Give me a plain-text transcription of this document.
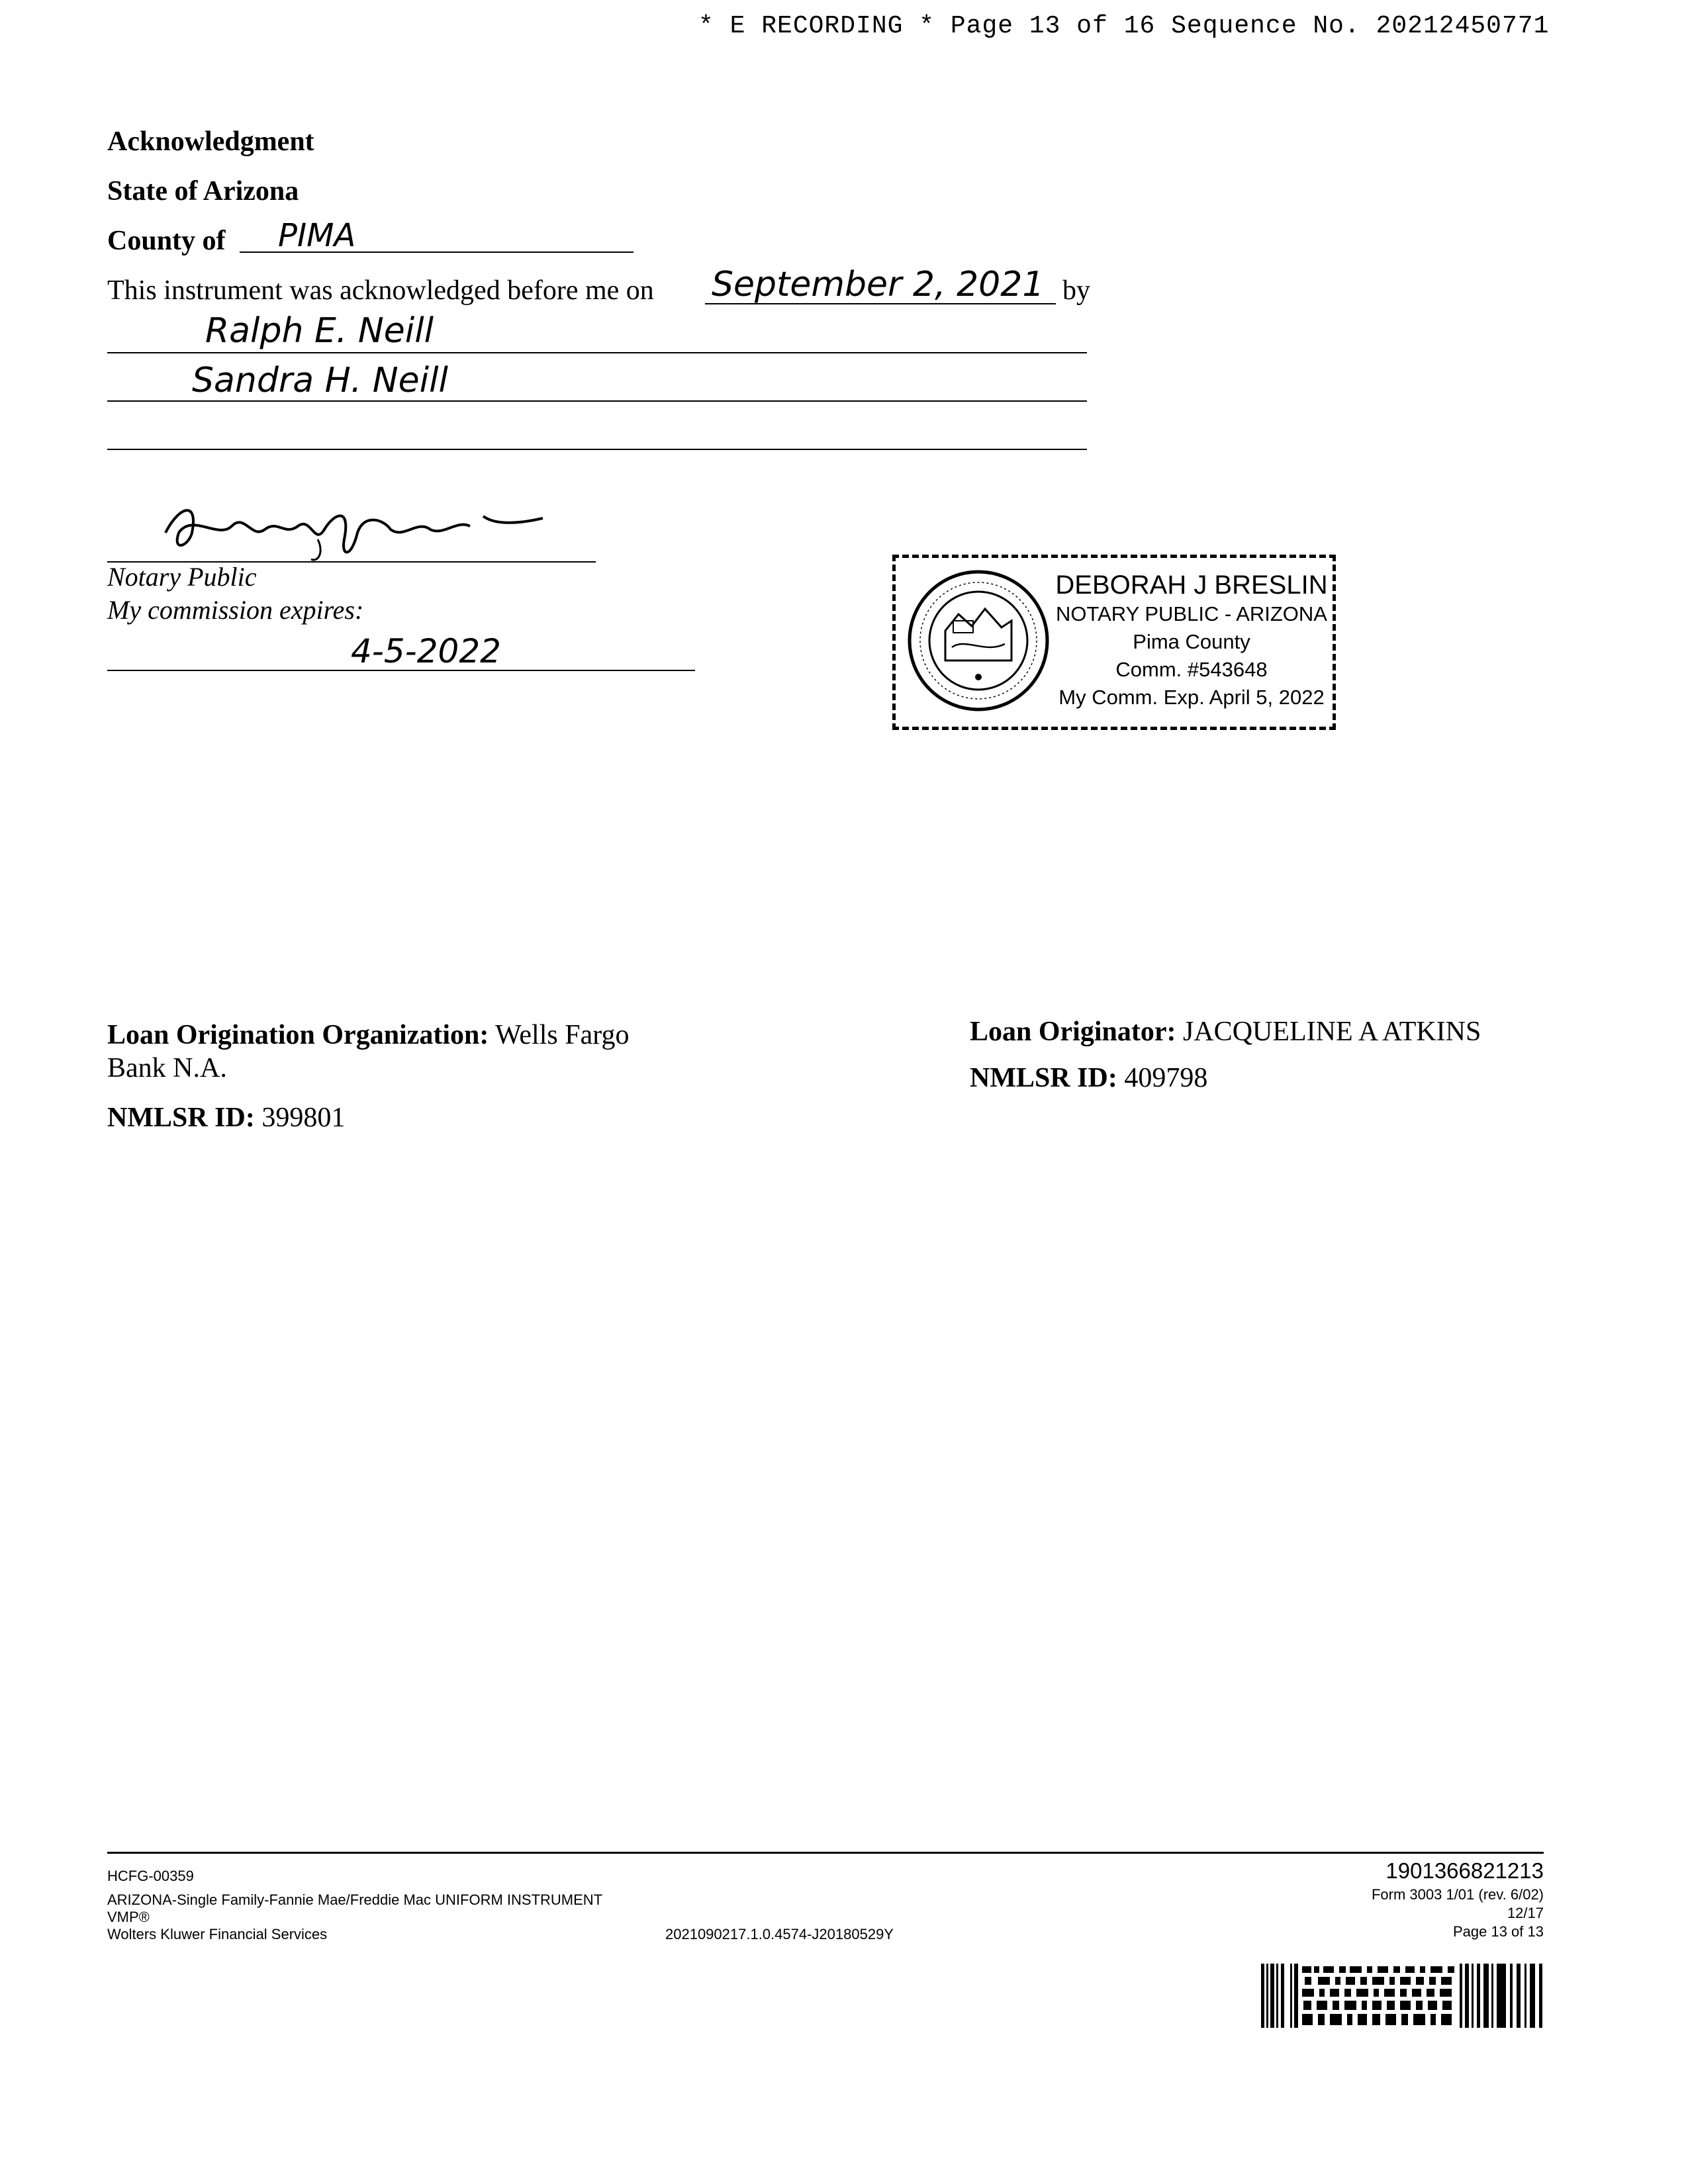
* E RECORDING * Page 13 of 16 Sequence No. 20212450771
Acknowledgment
State of Arizona
County of PIMA
This instrument was acknowledged before me on September 2, 2021 by
Ralph E. Neill
Sandra H. Neill
Notary Public
My commission expires:
4-5-2022
DEBORAH J BRESLIN
NOTARY PUBLIC - ARIZONA
Pima County
Comm. #543648
My Comm. Exp. April 5, 2022
Loan Origination Organization: Wells Fargo
Bank N.A.
NMLSR ID: 399801
Loan Originator: JACQUELINE A ATKINS
NMLSR ID: 409798
HCFG-00359
ARIZONA-Single Family-Fannie Mae/Freddie Mac UNIFORM INSTRUMENT
VMP®
Wolters Kluwer Financial Services	2021090217.1.0.4574-J20180529Y
1901366821213
Form 3003 1/01 (rev. 6/02)
12/17
Page 13 of 13
